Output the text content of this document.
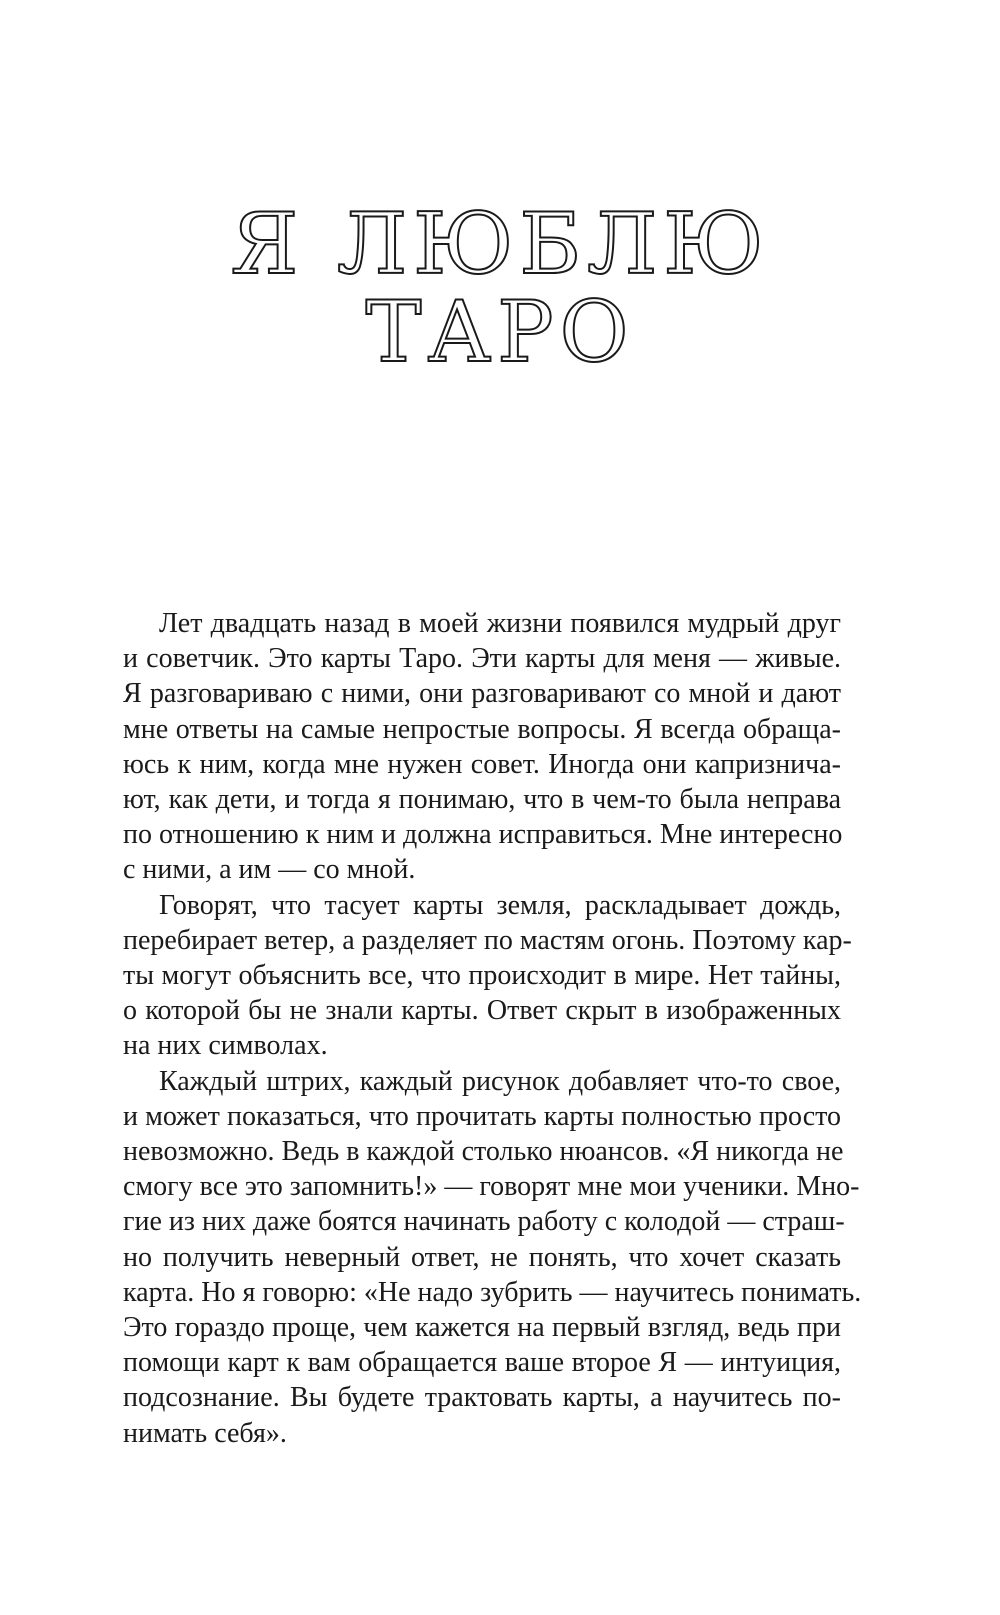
Я ЛЮБЛЮ
ТАРО

Лет двадцать назад в моей жизни появился мудрый друг
и советчик. Это карты Таро. Эти карты для меня — живые.
Я разговариваю с ними, они разговаривают со мной и дают
мне ответы на самые непростые вопросы. Я всегда обраща-
юсь к ним, когда мне нужен совет. Иногда они капризнича-
ют, как дети, и тогда я понимаю, что в чем-то была неправа
по отношению к ним и должна исправиться. Мне интересно
с ними, а им — со мной.

Говорят, что тасует карты земля, раскладывает дождь,
перебирает ветер, а разделяет по мастям огонь. Поэтому кар-
ты могут объяснить все, что происходит в мире. Нет тайны,
о которой бы не знали карты. Ответ скрыт в изображенных
на них символах.

Каждый штрих, каждый рисунок добавляет что-то свое,
и может показаться, что прочитать карты полностью просто
невозможно. Ведь в каждой столько нюансов. «Я никогда не
смогу все это запомнить!» — говорят мне мои ученики. Мно-
гие из них даже боятся начинать работу с колодой — страш-
но получить неверный ответ, не понять, что хочет сказать
карта. Но я говорю: «Не надо зубрить — научитесь понимать.
Это гораздо проще, чем кажется на первый взгляд, ведь при
помощи карт к вам обращается ваше второе Я — интуиция,
подсознание. Вы будете трактовать карты, а научитесь по-
нимать себя».
